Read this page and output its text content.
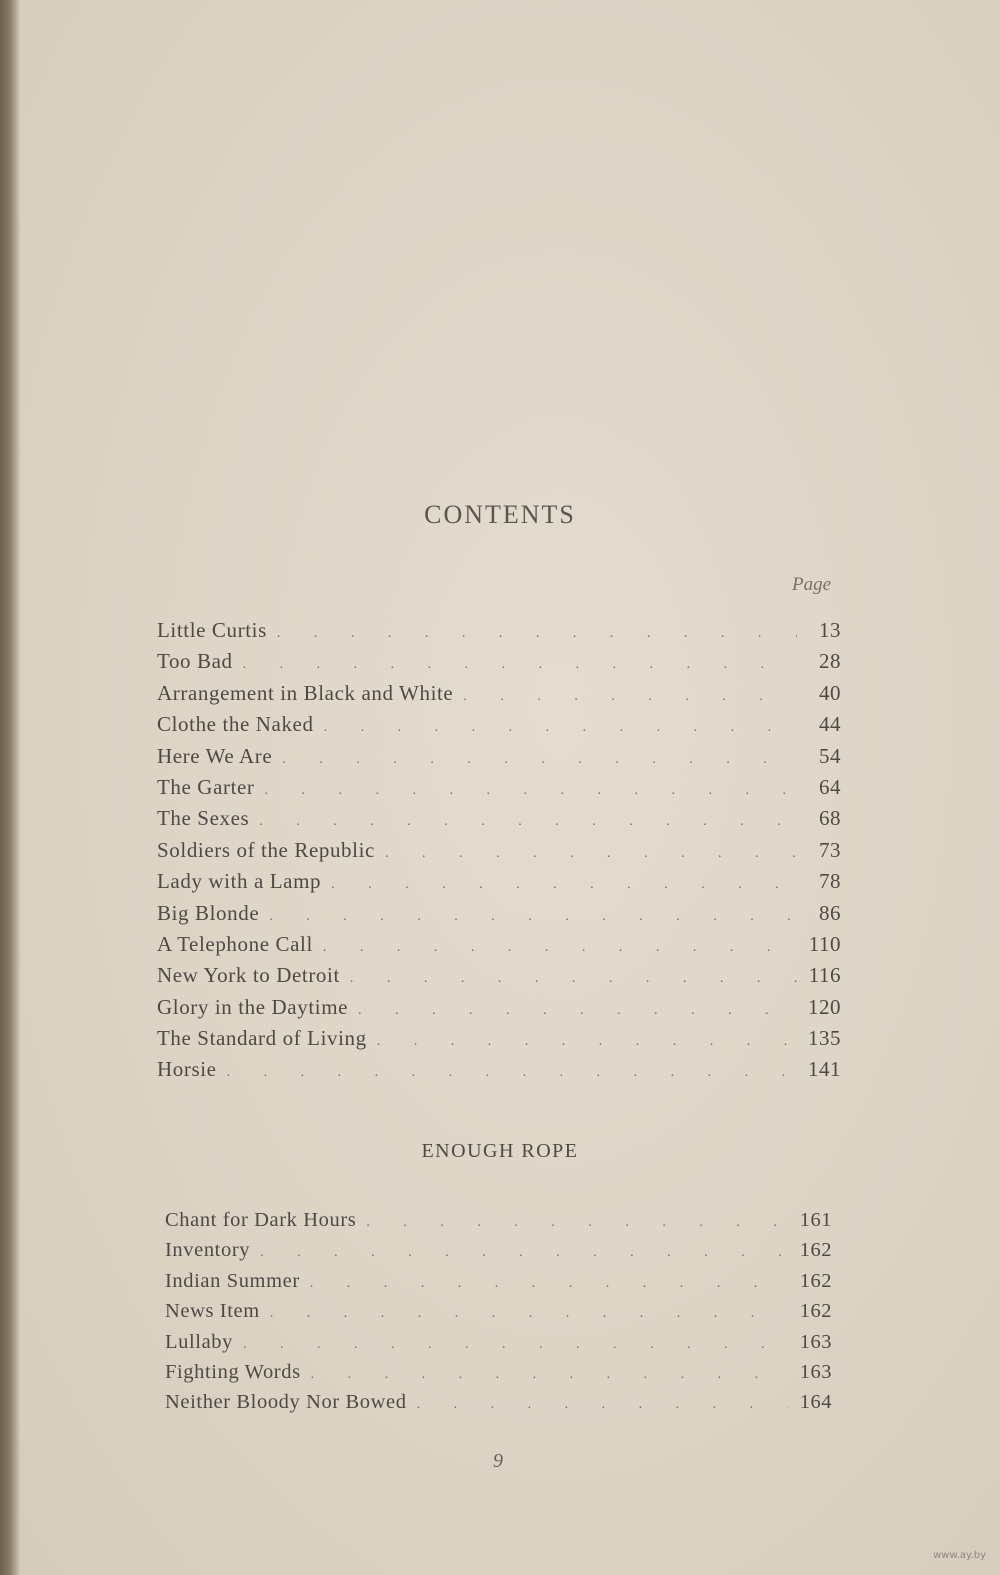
CONTENTS
Page
Little Curtis . . .	13
Too Bad . . .	28
Arrangement in Black and White . . .	40
Clothe the Naked . . .	44
Here We Are . . .	54
The Garter . . .	64
The Sexes . . .	68
Soldiers of the Republic . . .	73
Lady with a Lamp . . .	78
Big Blonde . . .	86
A Telephone Call . . .	110
New York to Detroit . . .	116
Glory in the Daytime . . .	120
The Standard of Living . . .	135
Horsie . . .	141
ENOUGH ROPE
Chant for Dark Hours . . .	161
Inventory . . .	162
Indian Summer . . .	162
News Item . . .	162
Lullaby . . .	163
Fighting Words . . .	163
Neither Bloody Nor Bowed . . .	164
9
www.ay.by
